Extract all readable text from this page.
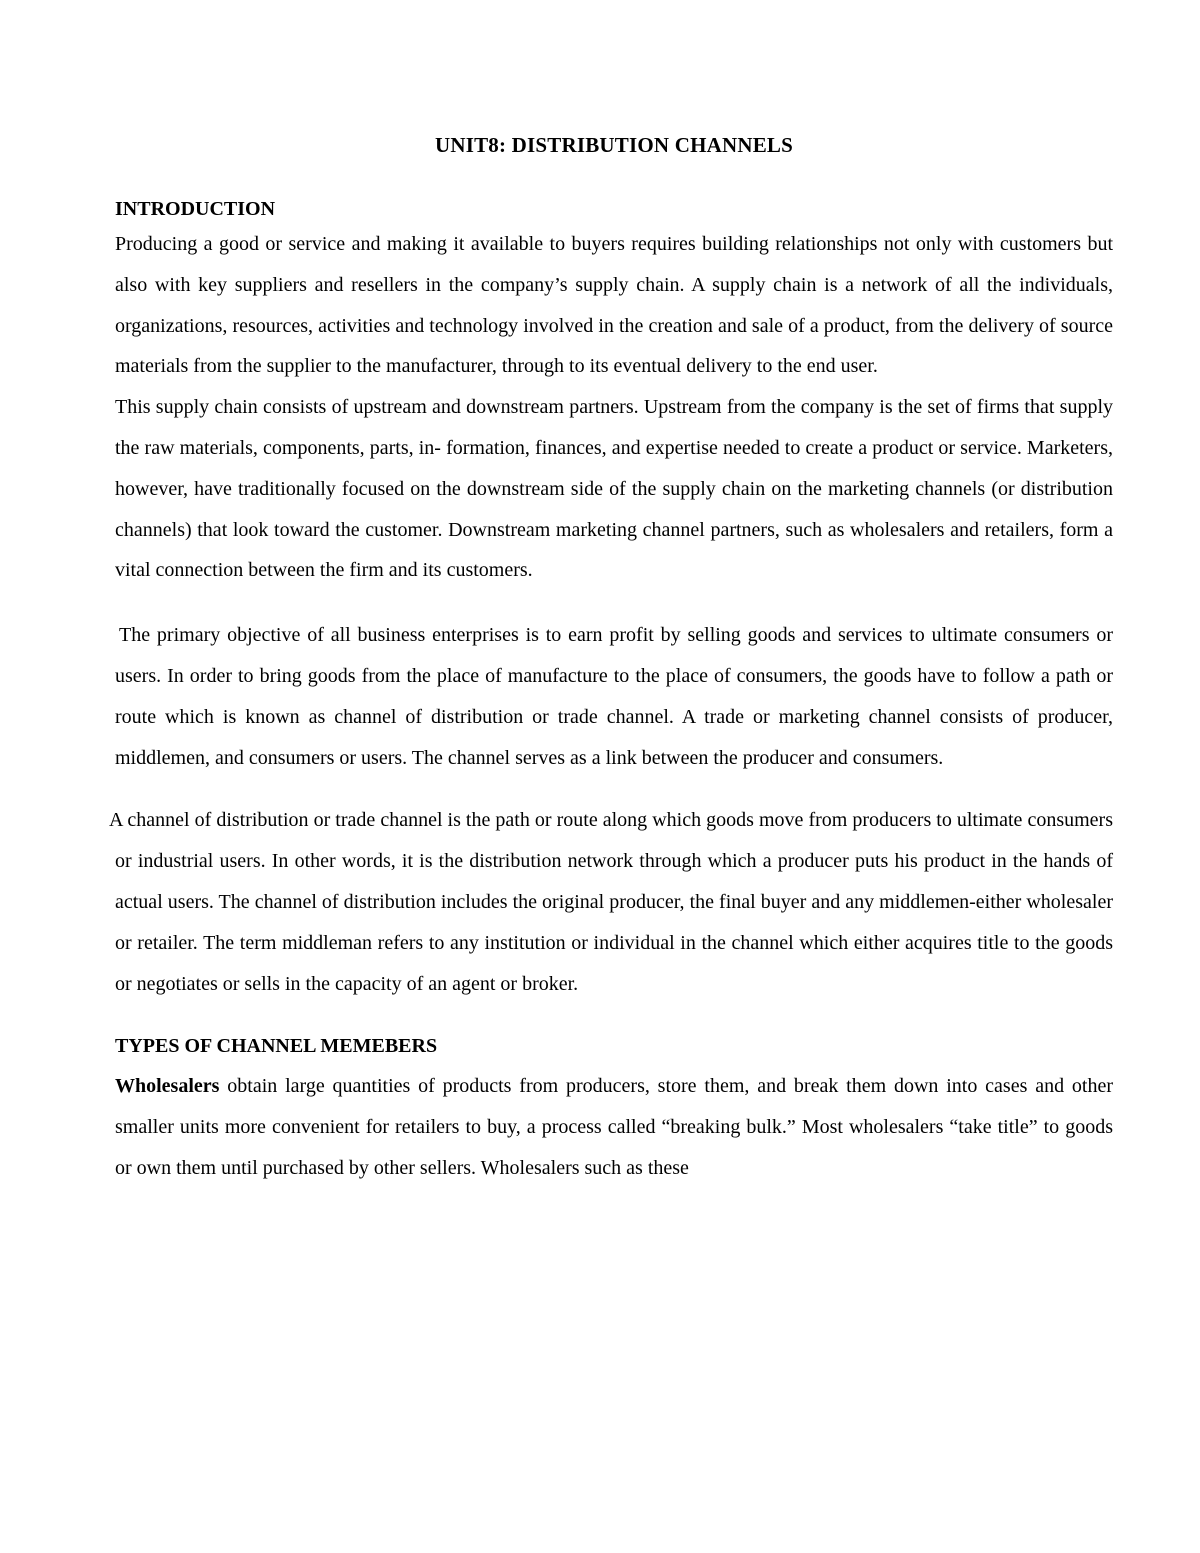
UNIT8: DISTRIBUTION CHANNELS
INTRODUCTION

Producing a good or service and making it available to buyers requires building relationships not only with customers but also with key suppliers and resellers in the company’s supply chain. A supply chain is a network of all the individuals, organizations, resources, activities and technology involved in the creation and sale of a product, from the delivery of source materials from the supplier to the manufacturer, through to its eventual delivery to the end user.

This supply chain consists of upstream and downstream partners. Upstream from the company is the set of firms that supply the raw materials, components, parts, in- formation, finances, and expertise needed to create a product or service. Marketers, however, have traditionally focused on the downstream side of the supply chain on the marketing channels (or distribution channels) that look toward the customer. Downstream marketing channel partners, such as wholesalers and retailers, form a vital connection between the firm and its customers.

The primary objective of all business enterprises is to earn profit by selling goods and services to ultimate consumers or users. In order to bring goods from the place of manufacture to the place of consumers, the goods have to follow a path or route which is known as channel of distribution or trade channel. A trade or marketing channel consists of producer, middlemen, and consumers or users. The channel serves as a link between the producer and consumers.

A channel of distribution or trade channel is the path or route along which goods move from producers to ultimate consumers or industrial users. In other words, it is the distribution network through which a producer puts his product in the hands of actual users. The channel of distribution includes the original producer, the final buyer and any middlemen-either wholesaler or retailer. The term middleman refers to any institution or individual in the channel which either acquires title to the goods or negotiates or sells in the capacity of an agent or broker.

TYPES OF CHANNEL MEMEBERS

Wholesalers obtain large quantities of products from producers, store them, and break them down into cases and other smaller units more convenient for retailers to buy, a process called “breaking bulk.” Most wholesalers “take title” to goods or own them until purchased by other sellers. Wholesalers such as these
